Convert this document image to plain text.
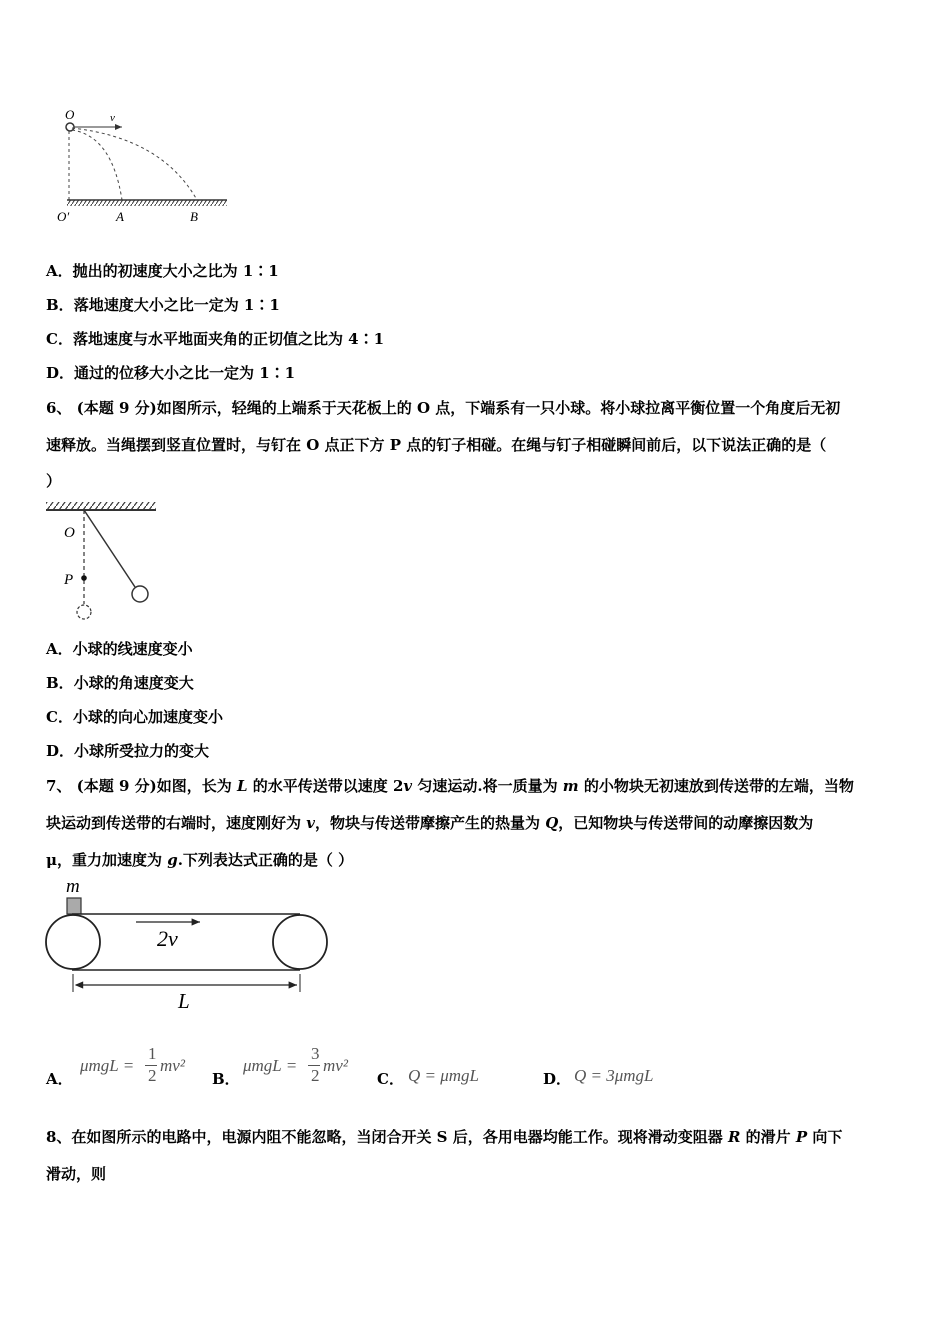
O	v
O′	A	B
A．抛出的初速度大小之比为 1∶1
B．落地速度大小之比一定为 1∶1
C．落地速度与水平地面夹角的正切值之比为 4∶1
D．通过的位移大小之比一定为 1∶1
6、 (本题 9 分)如图所示，轻绳的上端系于天花板上的 O 点，下端系有一只小球。将小球拉离平衡位置一个角度后无初
速释放。当绳摆到竖直位置时，与钉在 O 点正下方 P 点的钉子相碰。在绳与钉子相碰瞬间前后，以下说法正确的是（
）
O
P
A．小球的线速度变小
B．小球的角速度变大
C．小球的向心加速度变小
D．小球所受拉力的变大
7、 (本题 9 分)如图，长为 L 的水平传送带以速度 2v 匀速运动.将一质量为 m 的小物块无初速放到传送带的左端，当物
块运动到传送带的右端时，速度刚好为 v，物块与传送带摩擦产生的热量为 Q，已知物块与传送带间的动摩擦因数为
μ，重力加速度为 g.下列表达式正确的是（ ）
m
2v
L
A．
μmgL =
1
2
mv²
B．
μmgL =
3
2
mv²
C． Q = μmgL	D． Q = 3μmgL
8、在如图所示的电路中，电源内阻不能忽略，当闭合开关 S 后，各用电器均能工作。现将滑动变阻器 R 的滑片 P 向下
滑动，则
